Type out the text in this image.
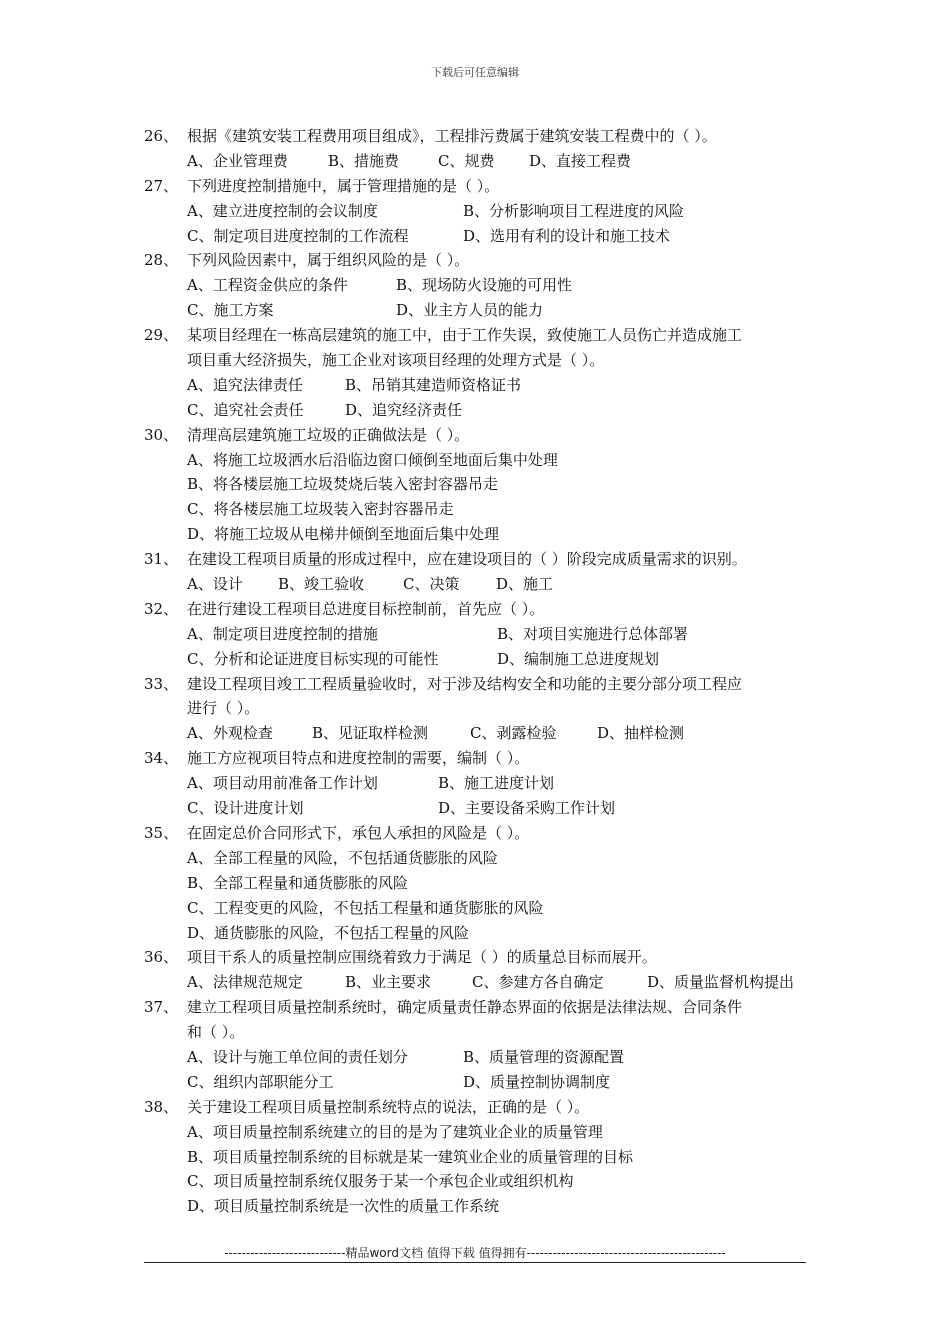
下载后可任意编辑
26、 根据《建筑安装工程费用项目组成》，工程排污费属于建筑安装工程费中的（ ）。
A、企业管理费	B、措施费	C、规费	D、直接工程费
27、 下列进度控制措施中，属于管理措施的是（ ）。
A、建立进度控制的会议制度	B、分析影响项目工程进度的风险
C、制定项目进度控制的工作流程	D、选用有利的设计和施工技术
28、 下列风险因素中，属于组织风险的是（ ）。
A、工程资金供应的条件	B、现场防火设施的可用性
C、施工方案	D、业主方人员的能力
29、 某项目经理在一栋高层建筑的施工中，由于工作失误，致使施工人员伤亡并造成施工
项目重大经济损失，施工企业对该项目经理的处理方式是（ ）。
A、追究法律责任	B、吊销其建造师资格证书
C、追究社会责任	D、追究经济责任
30、 清理高层建筑施工垃圾的正确做法是（ ）。
A、将施工垃圾洒水后沿临边窗口倾倒至地面后集中处理
B、将各楼层施工垃圾焚烧后装入密封容器吊走
C、将各楼层施工垃圾装入密封容器吊走
D、将施工垃圾从电梯井倾倒至地面后集中处理
31、 在建设工程项目质量的形成过程中，应在建设项目的（ ）阶段完成质量需求的识别。
A、设计	B、竣工验收	C、决策	D、施工
32、 在进行建设工程项目总进度目标控制前，首先应（ ）。
A、制定项目进度控制的措施	B、对项目实施进行总体部署
C、分析和论证进度目标实现的可能性	D、编制施工总进度规划
33、 建设工程项目竣工工程质量验收时，对于涉及结构安全和功能的主要分部分项工程应
进行（ ）。
A、外观检查	B、见证取样检测	C、剥露检验	D、抽样检测
34、 施工方应视项目特点和进度控制的需要，编制（ ）。
A、项目动用前准备工作计划	B、施工进度计划
C、设计进度计划	D、主要设备采购工作计划
35、 在固定总价合同形式下，承包人承担的风险是（ ）。
A、全部工程量的风险，不包括通货膨胀的风险
B、全部工程量和通货膨胀的风险
C、工程变更的风险，不包括工程量和通货膨胀的风险
D、通货膨胀的风险，不包括工程量的风险
36、 项目干系人的质量控制应围绕着致力于满足（ ）的质量总目标而展开。
A、法律规范规定	B、业主要求	C、参建方各自确定	D、质量监督机构提出
37、 建立工程项目质量控制系统时，确定质量责任静态界面的依据是法律法规、合同条件
和（ ）。
A、设计与施工单位间的责任划分	B、质量管理的资源配置
C、组织内部职能分工	D、质量控制协调制度
38、 关于建设工程项目质量控制系统特点的说法，正确的是（ ）。
A、项目质量控制系统建立的目的是为了建筑业企业的质量管理
B、项目质量控制系统的目标就是某一建筑业企业的质量管理的目标
C、项目质量控制系统仅服务于某一个承包企业或组织机构
D、项目质量控制系统是一次性的质量工作系统
----------------------------精品word文档 值得下载 值得拥有----------------------------------------------
